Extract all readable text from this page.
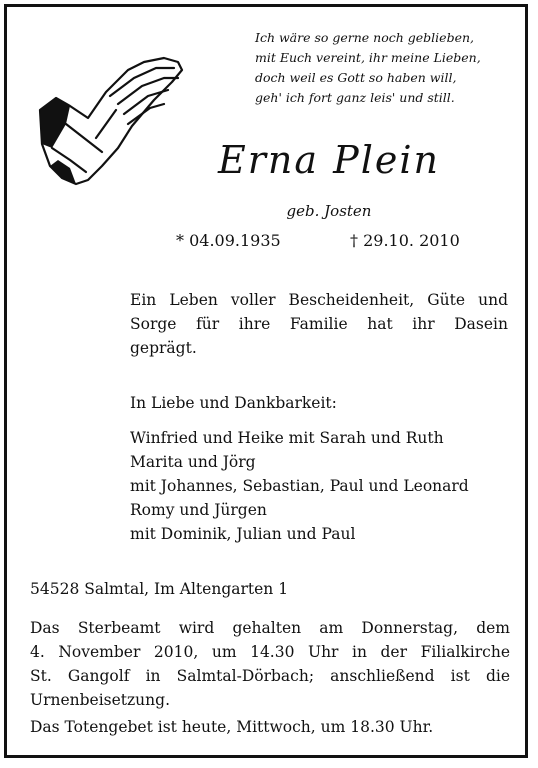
Ich wäre so gerne noch geblieben,
mit Euch vereint, ihr meine Lieben,
doch weil es Gott so haben will,
geh' ich fort ganz leis' und still.
Erna Plein
geb. Josten
* 04.09.1935	† 29.10. 2010
Ein Leben voller Bescheidenheit, Güte und
Sorge für ihre Familie hat ihr Dasein
geprägt.
In Liebe und Dankbarkeit:
Winfried und Heike mit Sarah und Ruth
Marita und Jörg
mit Johannes, Sebastian, Paul und Leonard
Romy und Jürgen
mit Dominik, Julian und Paul
54528 Salmtal, Im Altengarten 1
Das Sterbeamt wird gehalten am Donnerstag, dem
4. November 2010, um 14.30 Uhr in der Filialkirche
St. Gangolf in Salmtal-Dörbach; anschließend ist die
Urnenbeisetzung.
Das Totengebet ist heute, Mittwoch, um 18.30 Uhr.
